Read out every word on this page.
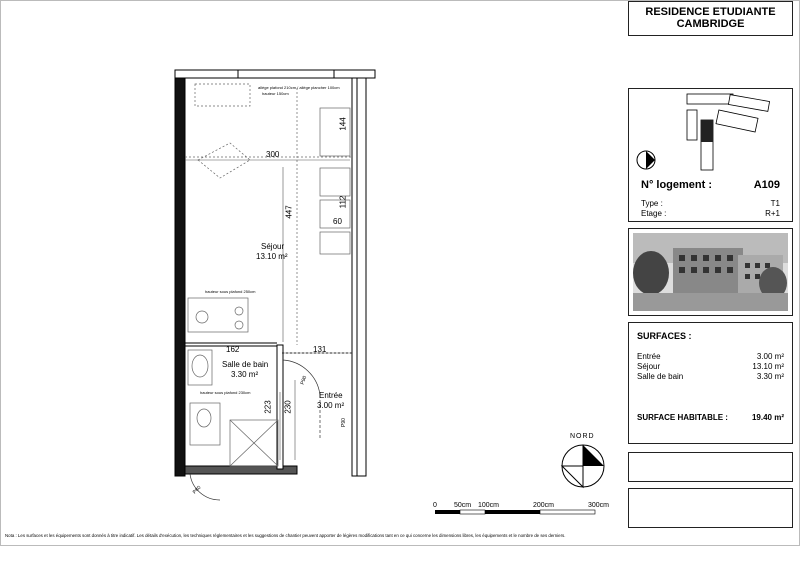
allège plafond 210cm / allège plancher 100cm
hauteur 150cm
300
447
144
112
60
Séjour
13.10 m²
hauteur sous plafond 250cm
162	131
Salle de bain
3.30 m²
P90
Entrée
3.00 m²
hauteur sous plafond 230cm
223 230
P90
P80
RESIDENCE ETUDIANTE
CAMBRIDGE
N° logement :	A109
Type :	T1
Etage :	R+1
SURFACES :
Entrée	3.00 m²
Séjour	13.10 m²
Salle de bain	3.30 m²
SURFACE HABITABLE :	19.40 m²
NORD
0 50cm 100cm	200cm	300cm
Nota : Les surfaces et les équipements sont donnés à titre indicatif. Les détails d'exécution, les techniques réglementaires et les suggestions de chantier peuvent apporter de légères modifications tant en ce qui concerne les dimensions libres, les équipements et le nombre de ses derniers.
